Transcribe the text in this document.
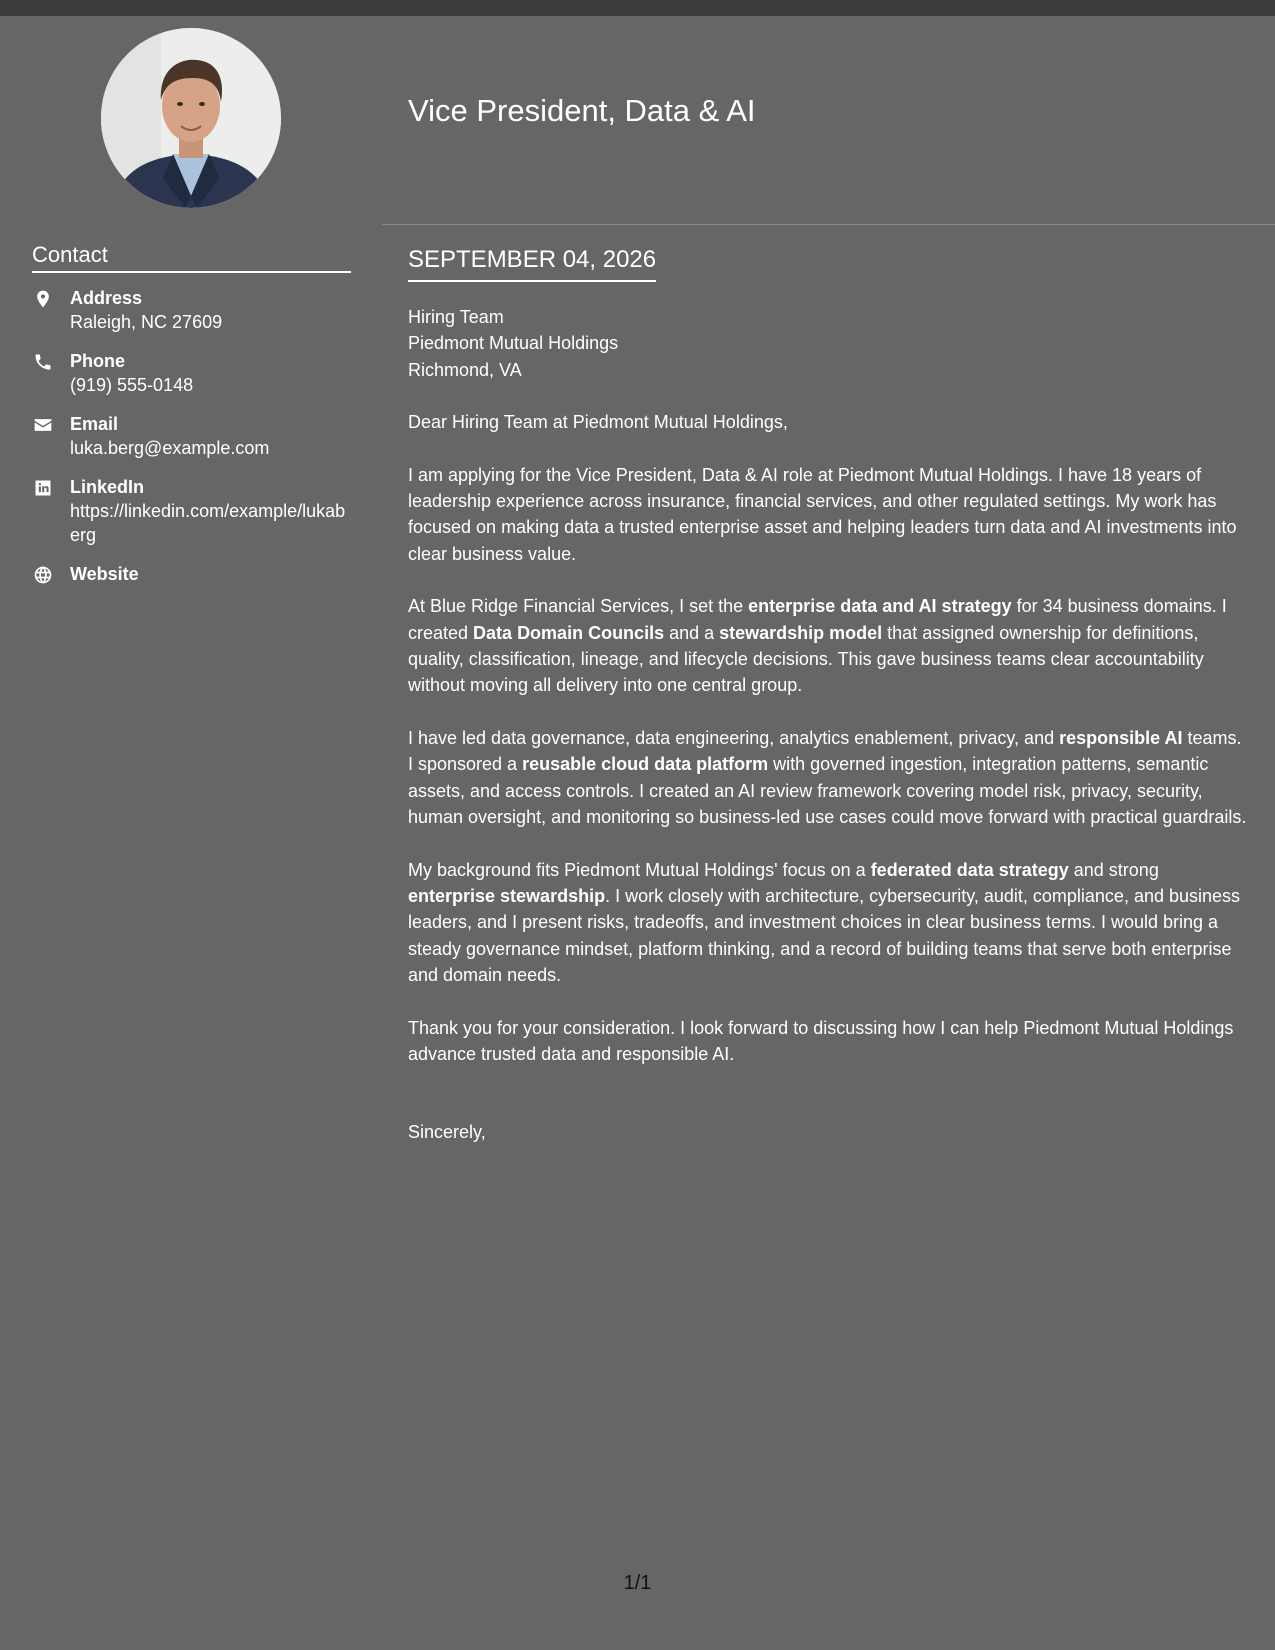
Contact
Address
Raleigh, NC 27609
Phone
(919) 555-0148
Email
luka.berg@example.com
LinkedIn
https://linkedin.com/example/lukaberg
Website
Vice President, Data & AI
SEPTEMBER 04, 2026
Hiring Team
Piedmont Mutual Holdings
Richmond, VA

Dear Hiring Team at Piedmont Mutual Holdings,

I am applying for the Vice President, Data & AI role at Piedmont Mutual Holdings. I have 18 years of leadership experience across insurance, financial services, and other regulated settings. My work has focused on making data a trusted enterprise asset and helping leaders turn data and AI investments into clear business value.

At Blue Ridge Financial Services, I set the enterprise data and AI strategy for 34 business domains. I created Data Domain Councils and a stewardship model that assigned ownership for definitions, quality, classification, lineage, and lifecycle decisions. This gave business teams clear accountability without moving all delivery into one central group.

I have led data governance, data engineering, analytics enablement, privacy, and responsible AI teams. I sponsored a reusable cloud data platform with governed ingestion, integration patterns, semantic assets, and access controls. I created an AI review framework covering model risk, privacy, security, human oversight, and monitoring so business-led use cases could move forward with practical guardrails.

My background fits Piedmont Mutual Holdings' focus on a federated data strategy and strong enterprise stewardship. I work closely with architecture, cybersecurity, audit, compliance, and business leaders, and I present risks, tradeoffs, and investment choices in clear business terms. I would bring a steady governance mindset, platform thinking, and a record of building teams that serve both enterprise and domain needs.

Thank you for your consideration. I look forward to discussing how I can help Piedmont Mutual Holdings advance trusted data and responsible AI.

Sincerely,

1/1
